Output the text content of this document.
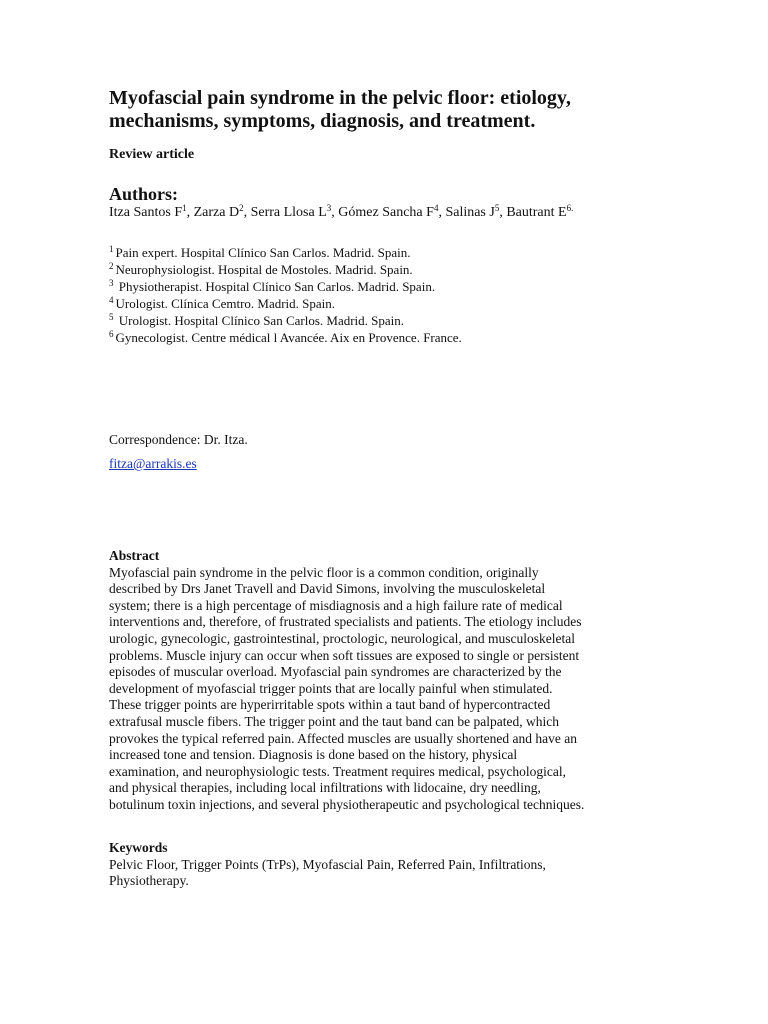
Myofascial pain syndrome in the pelvic floor: etiology, mechanisms, symptoms, diagnosis, and treatment.
Review article
Authors:
Itza Santos $F^1$, Zarza $D^2$, Serra Llosa $L^3$, Gómez Sancha $F^4$, Salinas $J^5$, Bautrant $E^{6.}$
$^1$ Pain expert. Hospital Clínico San Carlos. Madrid. Spain.
$^2$ Neurophysiologist. Hospital de Mostoles. Madrid. Spain.
$^3$ Physiotherapist. Hospital Clínico San Carlos. Madrid. Spain.
$^4$ Urologist. Clínica Cemtro. Madrid. Spain.
$^5$ Urologist. Hospital Clínico San Carlos. Madrid. Spain.
$^6$ Gynecologist. Centre médical l Avancée. Aix en Provence. France.
Correspondence: Dr. Itza.
fitza@arrakis.es
Abstract
Myofascial pain syndrome in the pelvic floor is a common condition, originally
described by Drs Janet Travell and David Simons, involving the musculoskeletal
system; there is a high percentage of misdiagnosis and a high failure rate of medical
interventions and, therefore, of frustrated specialists and patients. The etiology includes
urologic, gynecologic, gastrointestinal, proctologic, neurological, and musculoskeletal
problems. Muscle injury can occur when soft tissues are exposed to single or persistent
episodes of muscular overload. Myofascial pain syndromes are characterized by the
development of myofascial trigger points that are locally painful when stimulated.
These trigger points are hyperirritable spots within a taut band of hypercontracted
extrafusal muscle fibers. The trigger point and the taut band can be palpated, which
provokes the typical referred pain. Affected muscles are usually shortened and have an
increased tone and tension. Diagnosis is done based on the history, physical
examination, and neurophysiologic tests. Treatment requires medical, psychological,
and physical therapies, including local infiltrations with lidocaine, dry needling,
botulinum toxin injections, and several physiotherapeutic and psychological techniques.
Keywords
Pelvic Floor, Trigger Points (TrPs), Myofascial Pain, Referred Pain, Infiltrations,
Physiotherapy.
